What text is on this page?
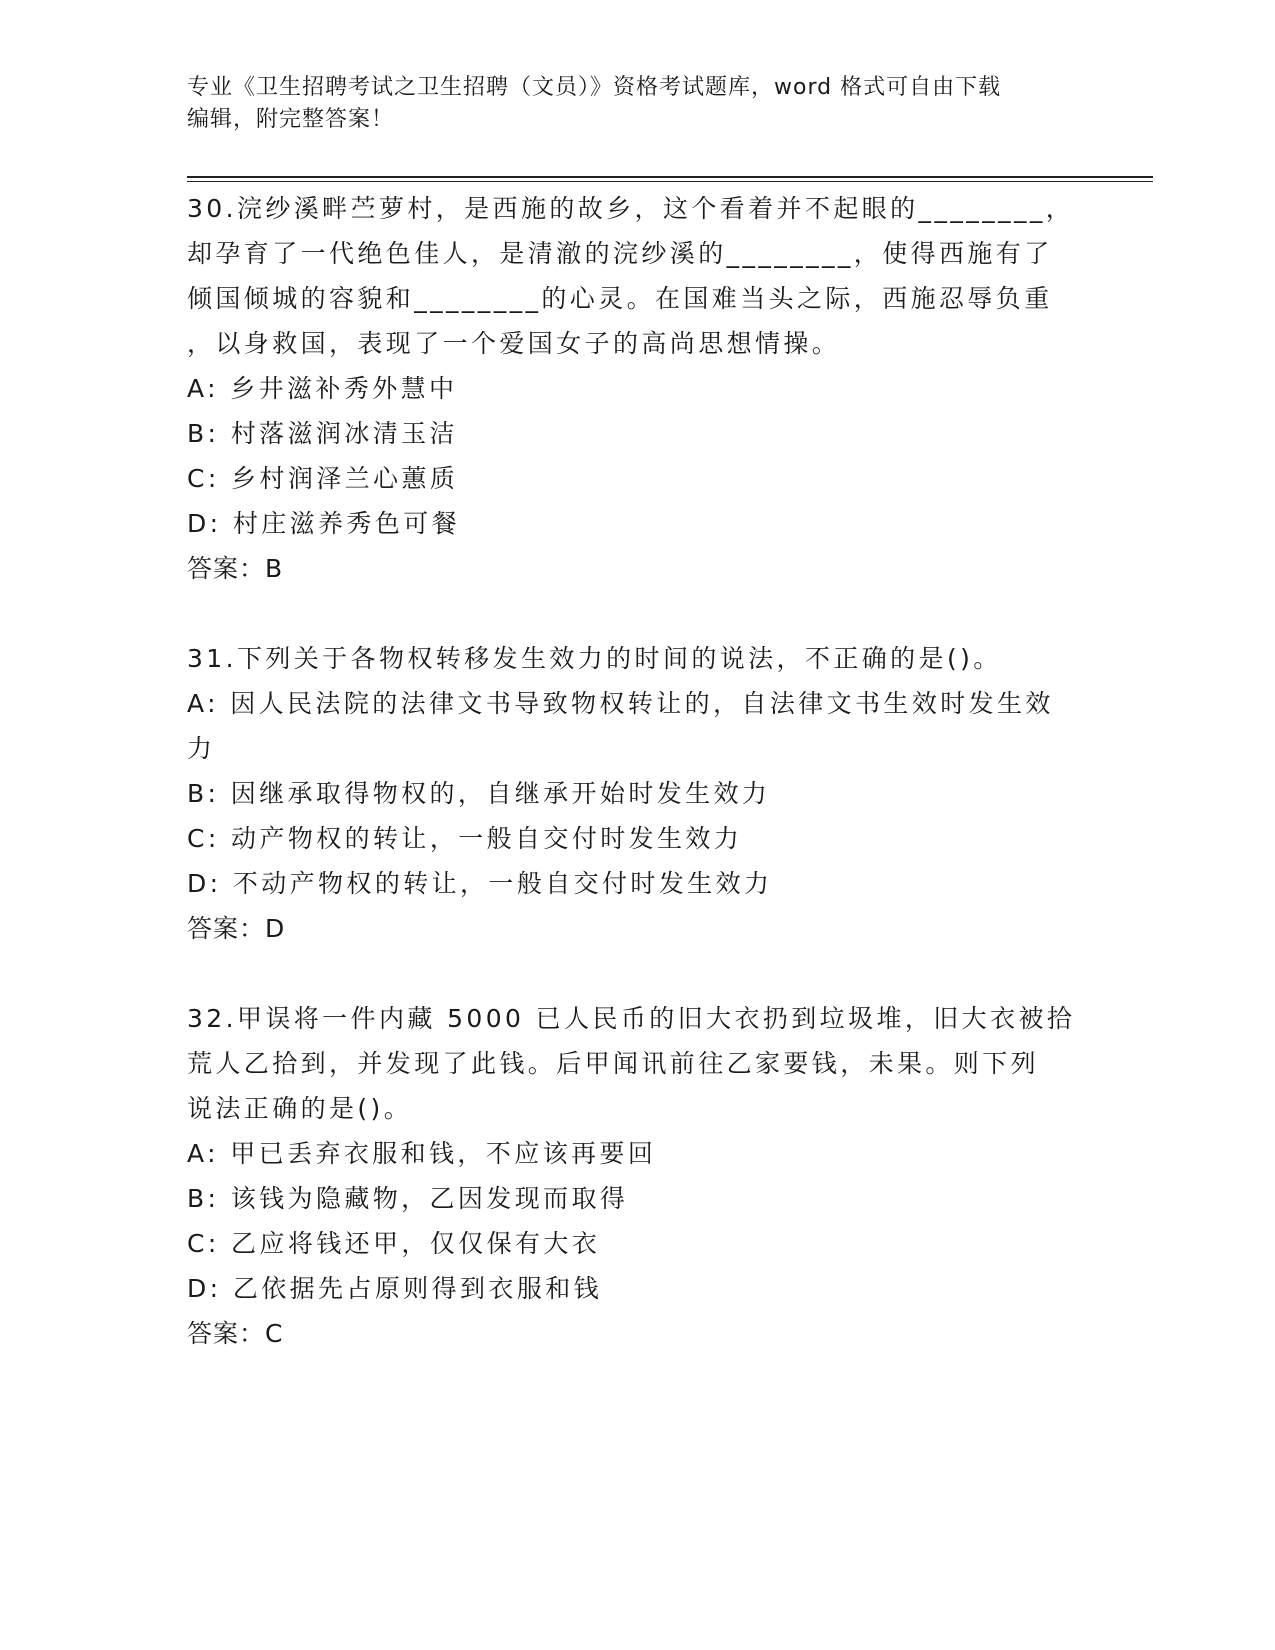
专业《卫生招聘考试之卫生招聘（文员）》资格考试题库，word 格式可自由下载
编辑，附完整答案！
30.浣纱溪畔苎萝村，是西施的故乡，这个看着并不起眼的________，
却孕育了一代绝色佳人，是清澈的浣纱溪的________，使得西施有了
倾国倾城的容貌和________的心灵。在国难当头之际，西施忍辱负重
，以身救国，表现了一个爱国女子的高尚思想情操。
A: 乡井滋补秀外慧中
B: 村落滋润冰清玉洁
C: 乡村润泽兰心蕙质
D: 村庄滋养秀色可餐
答案：B
31.下列关于各物权转移发生效力的时间的说法，不正确的是()。
A: 因人民法院的法律文书导致物权转让的，自法律文书生效时发生效
力
B: 因继承取得物权的，自继承开始时发生效力
C: 动产物权的转让，一般自交付时发生效力
D: 不动产物权的转让，一般自交付时发生效力
答案：D
32.甲误将一件内藏 5000 已人民币的旧大衣扔到垃圾堆，旧大衣被拾
荒人乙拾到，并发现了此钱。后甲闻讯前往乙家要钱，未果。则下列
说法正确的是()。
A: 甲已丢弃衣服和钱，不应该再要回
B: 该钱为隐藏物，乙因发现而取得
C: 乙应将钱还甲，仅仅保有大衣
D: 乙依据先占原则得到衣服和钱
答案：C
